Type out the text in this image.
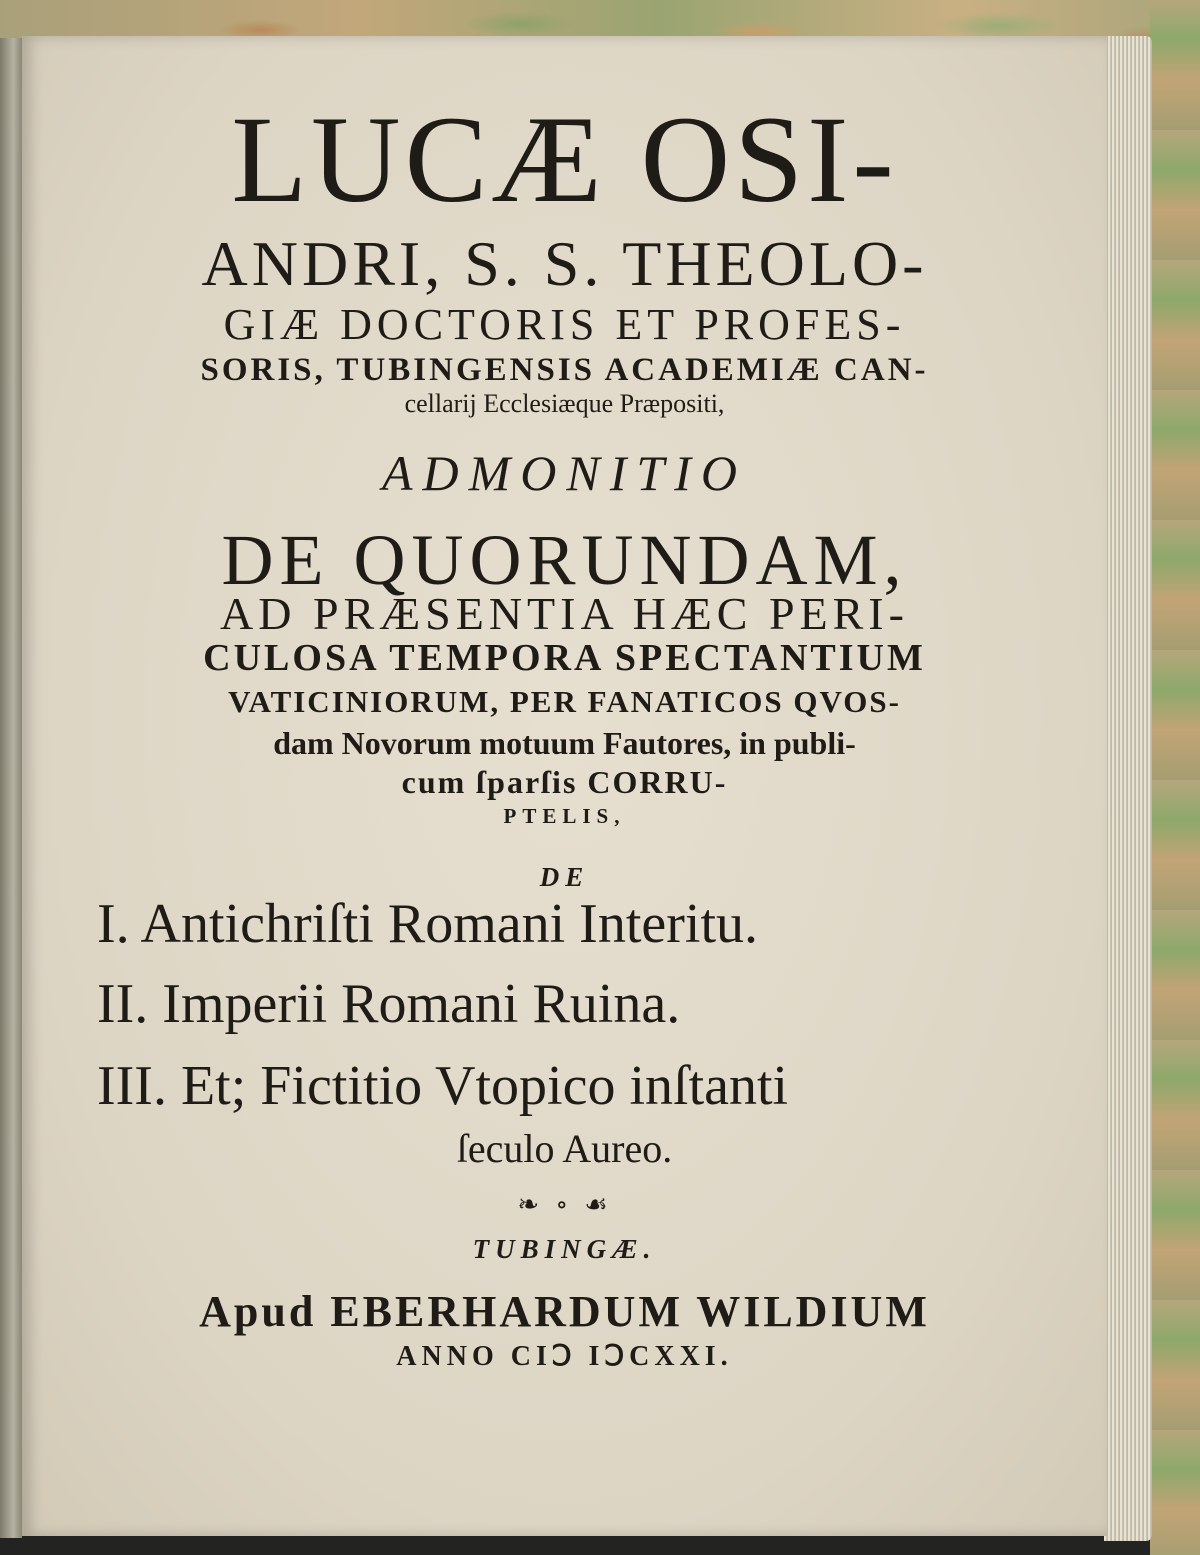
LUCÆ OSI-
ANDRI, S. S. THEOLO-
GIÆ DOCTORIS ET PROFES-
SORIS, TUBINGENSIS ACADEMIÆ CAN-
cellarij Ecclesiæque Præpositi,
ADMONITIO
DE QUORUNDAM,
AD PRÆSENTIA HÆC PERI-
CULOSA TEMPORA SPECTANTIUM
VATICINIORUM, PER FANATICOS QVOS-
dam Novorum motuum Fautores, in publi-
cum ſparſis CORRU-
PTELIS,
DE
I. Antichriſti Romani Interitu.
II. Imperii Romani Ruina.
III. Et; Fictitio Vtopico inſtanti
ſeculo Aureo.
❧ ∘ ☙
TUBINGÆ.
Apud EBERHARDUM WILDIUM
ANNO CIↃ IↃCXXI.
